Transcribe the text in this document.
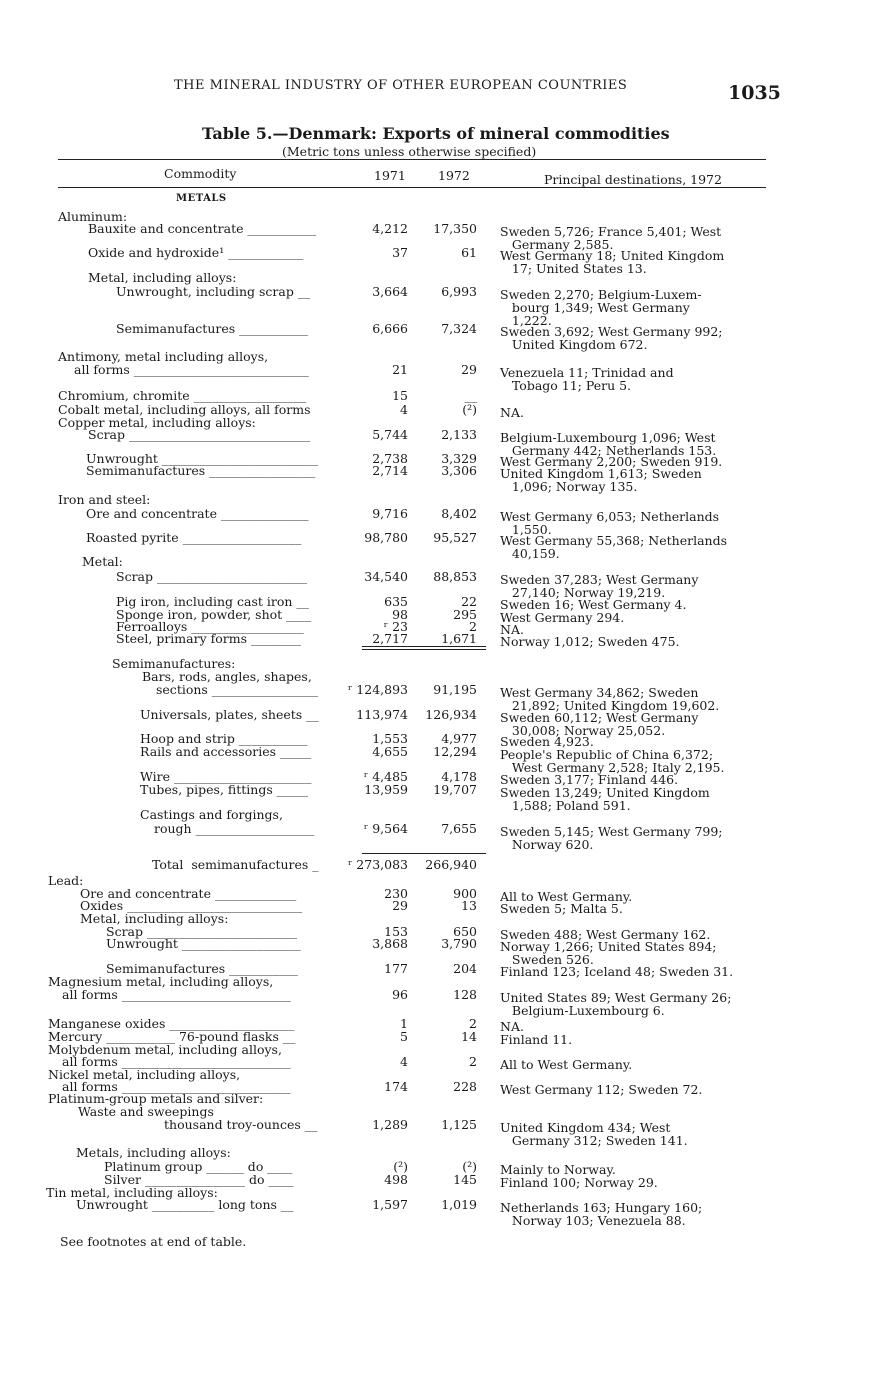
THE MINERAL INDUSTRY OF OTHER EUROPEAN COUNTRIES	1035
Table 5.—Denmark: Exports of mineral commodities
(Metric tons unless otherwise specified)
Commodity	1971	1972	Principal destinations, 1972
METALS
Aluminum:
Bauxite and concentrate ___________	4,212 17,350 Sweden 5,726; France 5,401; West
Germany 2,585.
Oxide and hydroxide¹ ____________	37	61 West Germany 18; United Kingdom
17; United States 13.
Metal, including alloys:
Unwrought, including scrap __	3,664	6,993 Sweden 2,270; Belgium-Luxem-
bourg 1,349; West Germany
1,222.
Semimanufactures ___________	6,666	7,324 Sweden 3,692; West Germany 992;
United Kingdom 672.
Antimony, metal including alloys,
all forms ____________________________	21	29 Venezuela 11; Trinidad and
Tobago 11; Peru 5.
Chromium, chromite __________________	15	__
Cobalt metal, including alloys, all forms	4	(²) NA.
Copper metal, including alloys:
Scrap _____________________________	5,744	2,133 Belgium-Luxembourg 1,096; West
Germany 442; Netherlands 153.
Unwrought _________________________	2,738	3,329 West Germany 2,200; Sweden 919.
Semimanufactures _________________	2,714	3,306 United Kingdom 1,613; Sweden
1,096; Norway 135.
Iron and steel:
Ore and concentrate ______________	9,716	8,402 West Germany 6,053; Netherlands
1,550.
Roasted pyrite ___________________	98,780 95,527 West Germany 55,368; Netherlands
40,159.
Metal:
Scrap ________________________	34,540 88,853 Sweden 37,283; West Germany
27,140; Norway 19,219.
Pig iron, including cast iron __	635	22 Sweden 16; West Germany 4.
Sponge iron, powder, shot ____	98	295 West Germany 294.
Ferroalloys __________________	ʳ 23	2 NA.
Steel, primary forms ________	2,717	1,671 Norway 1,012; Sweden 475.
Semimanufactures:
Bars, rods, angles, shapes,
sections _________________ ʳ 124,893 91,195 West Germany 34,862; Sweden
21,892; United Kingdom 19,602.
Universals, plates, sheets __	113,974 126,934 Sweden 60,112; West Germany
30,008; Norway 25,052.
Hoop and strip ___________	1,553	4,977 Sweden 4,923.
Rails and accessories _____	4,655 12,294 People's Republic of China 6,372;
West Germany 2,528; Italy 2,195.
Wire ______________________	ʳ 4,485	4,178 Sweden 3,177; Finland 446.
Tubes, pipes, fittings _____	13,959 19,707 Sweden 13,249; United Kingdom
1,588; Poland 591.
Castings and forgings,
rough ___________________	ʳ 9,564	7,655 Sweden 5,145; West Germany 799;
Norway 620.
Total  semimanufactures _ ʳ 273,083 266,940
Lead:
Ore and concentrate _____________	230	900 All to West Germany.
Oxides ____________________________	29	13 Sweden 5; Malta 5.
Metal, including alloys:
Scrap ________________________	153	650 Sweden 488; West Germany 162.
Unwrought ___________________	3,868	3,790 Norway 1,266; United States 894;
Sweden 526.
Semimanufactures ___________	177	204 Finland 123; Iceland 48; Sweden 31.
Magnesium metal, including alloys,
all forms ___________________________	96	128 United States 89; West Germany 26;
Belgium-Luxembourg 6.
Manganese oxides ____________________	1	2 NA.
Mercury ___________ 76-pound flasks __	5	14 Finland 11.
Molybdenum metal, including alloys,
all forms ___________________________	4	2 All to West Germany.
Nickel metal, including alloys,
all forms ___________________________	174	228 West Germany 112; Sweden 72.
Platinum-group metals and silver:
Waste and sweepings
thousand troy-ounces __	1,289	1,125 United Kingdom 434; West
Germany 312; Sweden 141.
Metals, including alloys:
Platinum group ______ do ____	(²)	(²) Mainly to Norway.
Silver ________________ do ____	498	145 Finland 100; Norway 29.
Tin metal, including alloys:
Unwrought __________ long tons __	1,597	1,019 Netherlands 163; Hungary 160;
Norway 103; Venezuela 88.
See footnotes at end of table.
